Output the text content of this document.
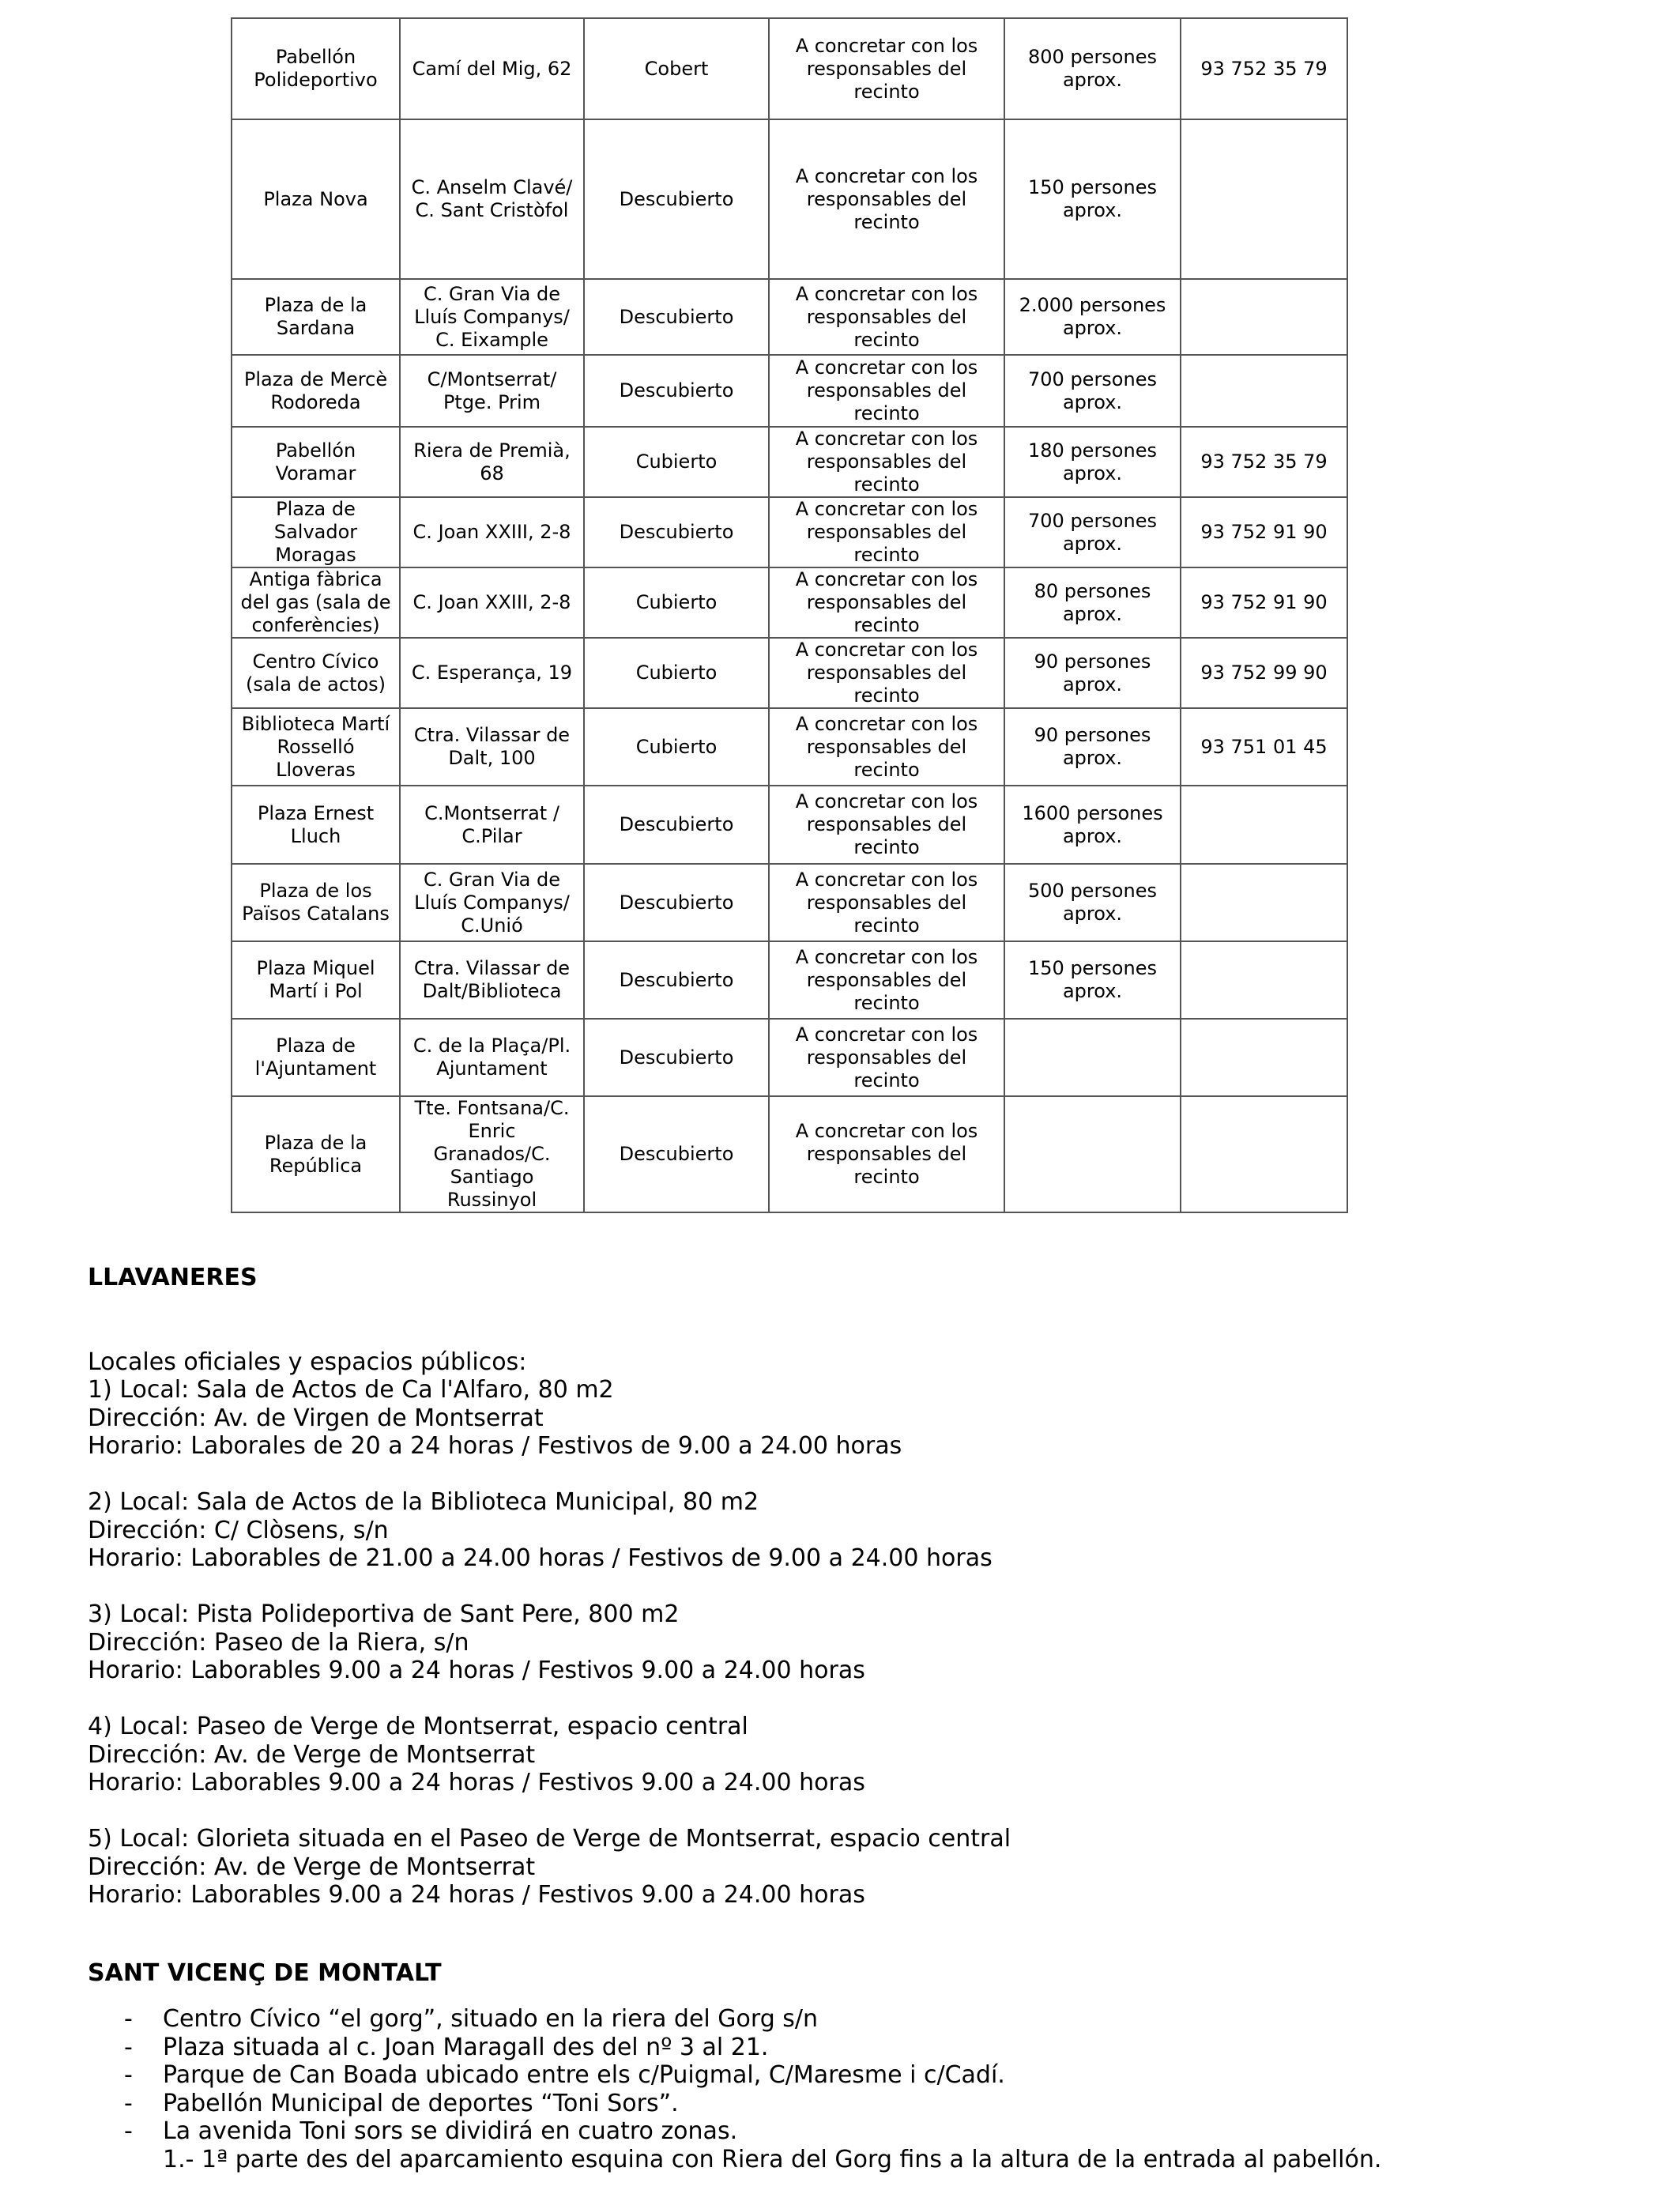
Pabellón Polideportivo	Camí del Mig, 62	Cobert	A concretar con los responsables del recinto	800 persones aprox.	93 752 35 79
Plaza Nova	C. Anselm Clavé/ C. Sant Cristòfol	Descubierto	A concretar con los responsables del recinto	150 persones aprox.	
Plaza de la Sardana	C. Gran Via de Lluís Companys/ C. Eixample	Descubierto	A concretar con los responsables del recinto	2.000 persones aprox.	
Plaza de Mercè Rodoreda	C/Montserrat/ Ptge. Prim	Descubierto	A concretar con los responsables del recinto	700 persones aprox.	
Pabellón Voramar	Riera de Premià, 68	Cubierto	A concretar con los responsables del recinto	180 persones aprox.	93 752 35 79
Plaza de Salvador Moragas	C. Joan XXIII, 2-8	Descubierto	A concretar con los responsables del recinto	700 persones aprox.	93 752 91 90
Antiga fàbrica del gas (sala de conferències)	C. Joan XXIII, 2-8	Cubierto	A concretar con los responsables del recinto	80 persones aprox.	93 752 91 90
Centro Cívico (sala de actos)	C. Esperança, 19	Cubierto	A concretar con los responsables del recinto	90 persones aprox.	93 752 99 90
Biblioteca Martí Rosselló Lloveras	Ctra. Vilassar de Dalt, 100	Cubierto	A concretar con los responsables del recinto	90 persones aprox.	93 751 01 45
Plaza Ernest Lluch	C.Montserrat / C.Pilar	Descubierto	A concretar con los responsables del recinto	1600 persones aprox.	
Plaza de los Països Catalans	C. Gran Via de Lluís Companys/ C.Unió	Descubierto	A concretar con los responsables del recinto	500 persones aprox.	
Plaza Miquel Martí i Pol	Ctra. Vilassar de Dalt/Biblioteca	Descubierto	A concretar con los responsables del recinto	150 persones aprox.	
Plaza de l'Ajuntament	C. de la Plaça/Pl. Ajuntament	Descubierto	A concretar con los responsables del recinto		
Plaza de la República	Tte. Fontsana/C. Enric Granados/C. Santiago Russinyol	Descubierto	A concretar con los responsables del recinto		
LLAVANERES

Locales oficiales y espacios públicos:

1) Local: Sala de Actos de Ca l'Alfaro, 80 m2

Dirección: Av. de Virgen de Montserrat

Horario: Laborales de 20 a 24 horas / Festivos de 9.00 a 24.00 horas

2) Local: Sala de Actos de la Biblioteca Municipal, 80 m2

Dirección: C/ Clòsens, s/n

Horario: Laborables de 21.00 a 24.00 horas / Festivos de 9.00 a 24.00 horas

3) Local: Pista Polideportiva de Sant Pere, 800 m2

Dirección: Paseo de la Riera, s/n

Horario: Laborables 9.00 a 24 horas / Festivos 9.00 a 24.00 horas

4) Local: Paseo de Verge de Montserrat, espacio central

Dirección: Av. de Verge de Montserrat

Horario: Laborables 9.00 a 24 horas / Festivos 9.00 a 24.00 horas

5) Local: Glorieta situada en el Paseo de Verge de Montserrat, espacio central

Dirección: Av. de Verge de Montserrat

Horario: Laborables 9.00 a 24 horas / Festivos 9.00 a 24.00 horas

SANT VICENÇ DE MONTALT
- Centro Cívico “el gorg”, situado en la riera del Gorg s/n
- Plaza situada al c. Joan Maragall des del nº 3 al 21.
- Parque de Can Boada ubicado entre els c/Puigmal, C/Maresme i c/Cadí.
- Pabellón Municipal de deportes “Toni Sors”.
- La avenida Toni sors se dividirá en cuatro zonas.

1.- 1ª parte des del aparcamiento esquina con Riera del Gorg fins a la altura de la entrada al pabellón.
